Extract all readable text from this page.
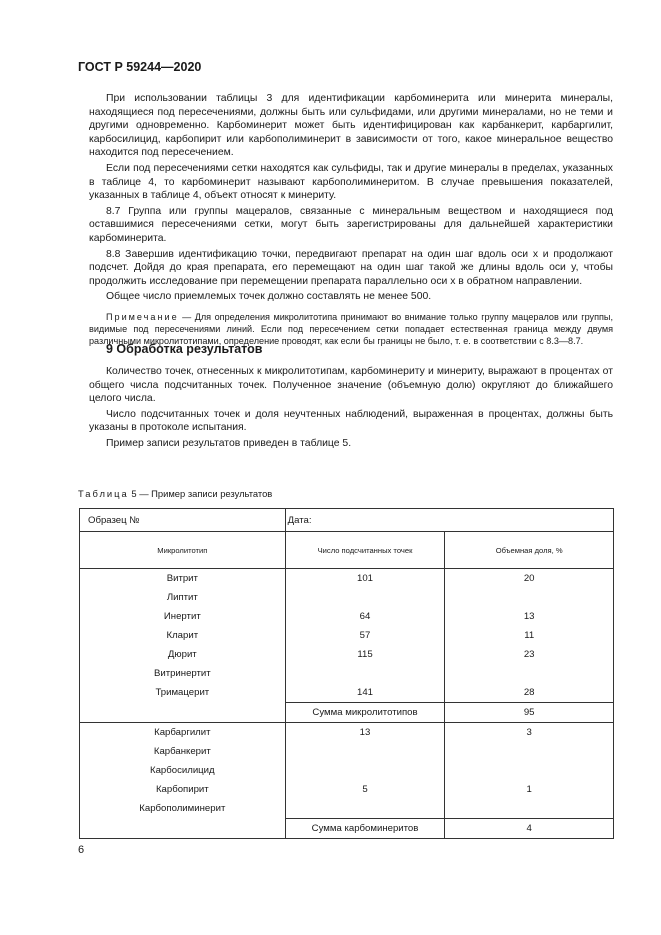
ГОСТ Р 59244—2020

При использовании таблицы 3 для идентификации карбоминерита или минерита минералы, находящиеся под пересечениями, должны быть или сульфидами, или другими минералами, но не теми и другими одновременно. Карбоминерит может быть идентифицирован как карбанкерит, карбаргилит, карбосилицид, карбопирит или карбополиминерит в зависимости от того, какое минеральное вещество находится под пересечением.

Если под пересечениями сетки находятся как сульфиды, так и другие минералы в пределах, указанных в таблице 4, то карбоминерит называют карбополиминеритом. В случае превышения показателей, указанных в таблице 4, объект относят к минериту.

8.7 Группа или группы мацералов, связанные с минеральным веществом и находящиеся под оставшимися пересечениями сетки, могут быть зарегистрированы для дальнейшей характеристики карбоминерита.

8.8 Завершив идентификацию точки, передвигают препарат на один шаг вдоль оси x и продолжают подсчет. Дойдя до края препарата, его перемещают на один шаг такой же длины вдоль оси y, чтобы продолжить исследование при перемещении препарата параллельно оси x в обратном направлении.

Общее число приемлемых точек должно составлять не менее 500.

Примечание — Для определения микролитотипа принимают во внимание только группу мацералов или группы, видимые под пересечениями линий. Если под пересечением сетки попадает естественная граница между двумя различными микролитотипами, определение проводят, как если бы границы не было, т. е. в соответствии с 8.3—8.7.

9 Обработка результатов

Количество точек, отнесенных к микролитотипам, карбоминериту и минериту, выражают в процентах от общего числа подсчитанных точек. Полученное значение (объемную долю) округляют до ближайшего целого числа.

Число подсчитанных точек и доля неучтенных наблюдений, выраженная в процентах, должны быть указаны в протоколе испытания.

Пример записи результатов приведен в таблице 5.

Таблица 5 — Пример записи результатов
Образец №	Дата:	
Микролитотип	Число подсчитанных точек	Объемная доля, %
Витрит	101	20
Липтит		
Инертит	64	13
Кларит	57	11
Дюрит	115	23
Витринертит		
Тримацерит	141	28
	Сумма микролитотипов	95
Карбаргилит	13	3
Карбанкерит		
Карбосилицид		
Карбопирит	5	1
Карбополиминерит		
	Сумма карбоминеритов	4
6
